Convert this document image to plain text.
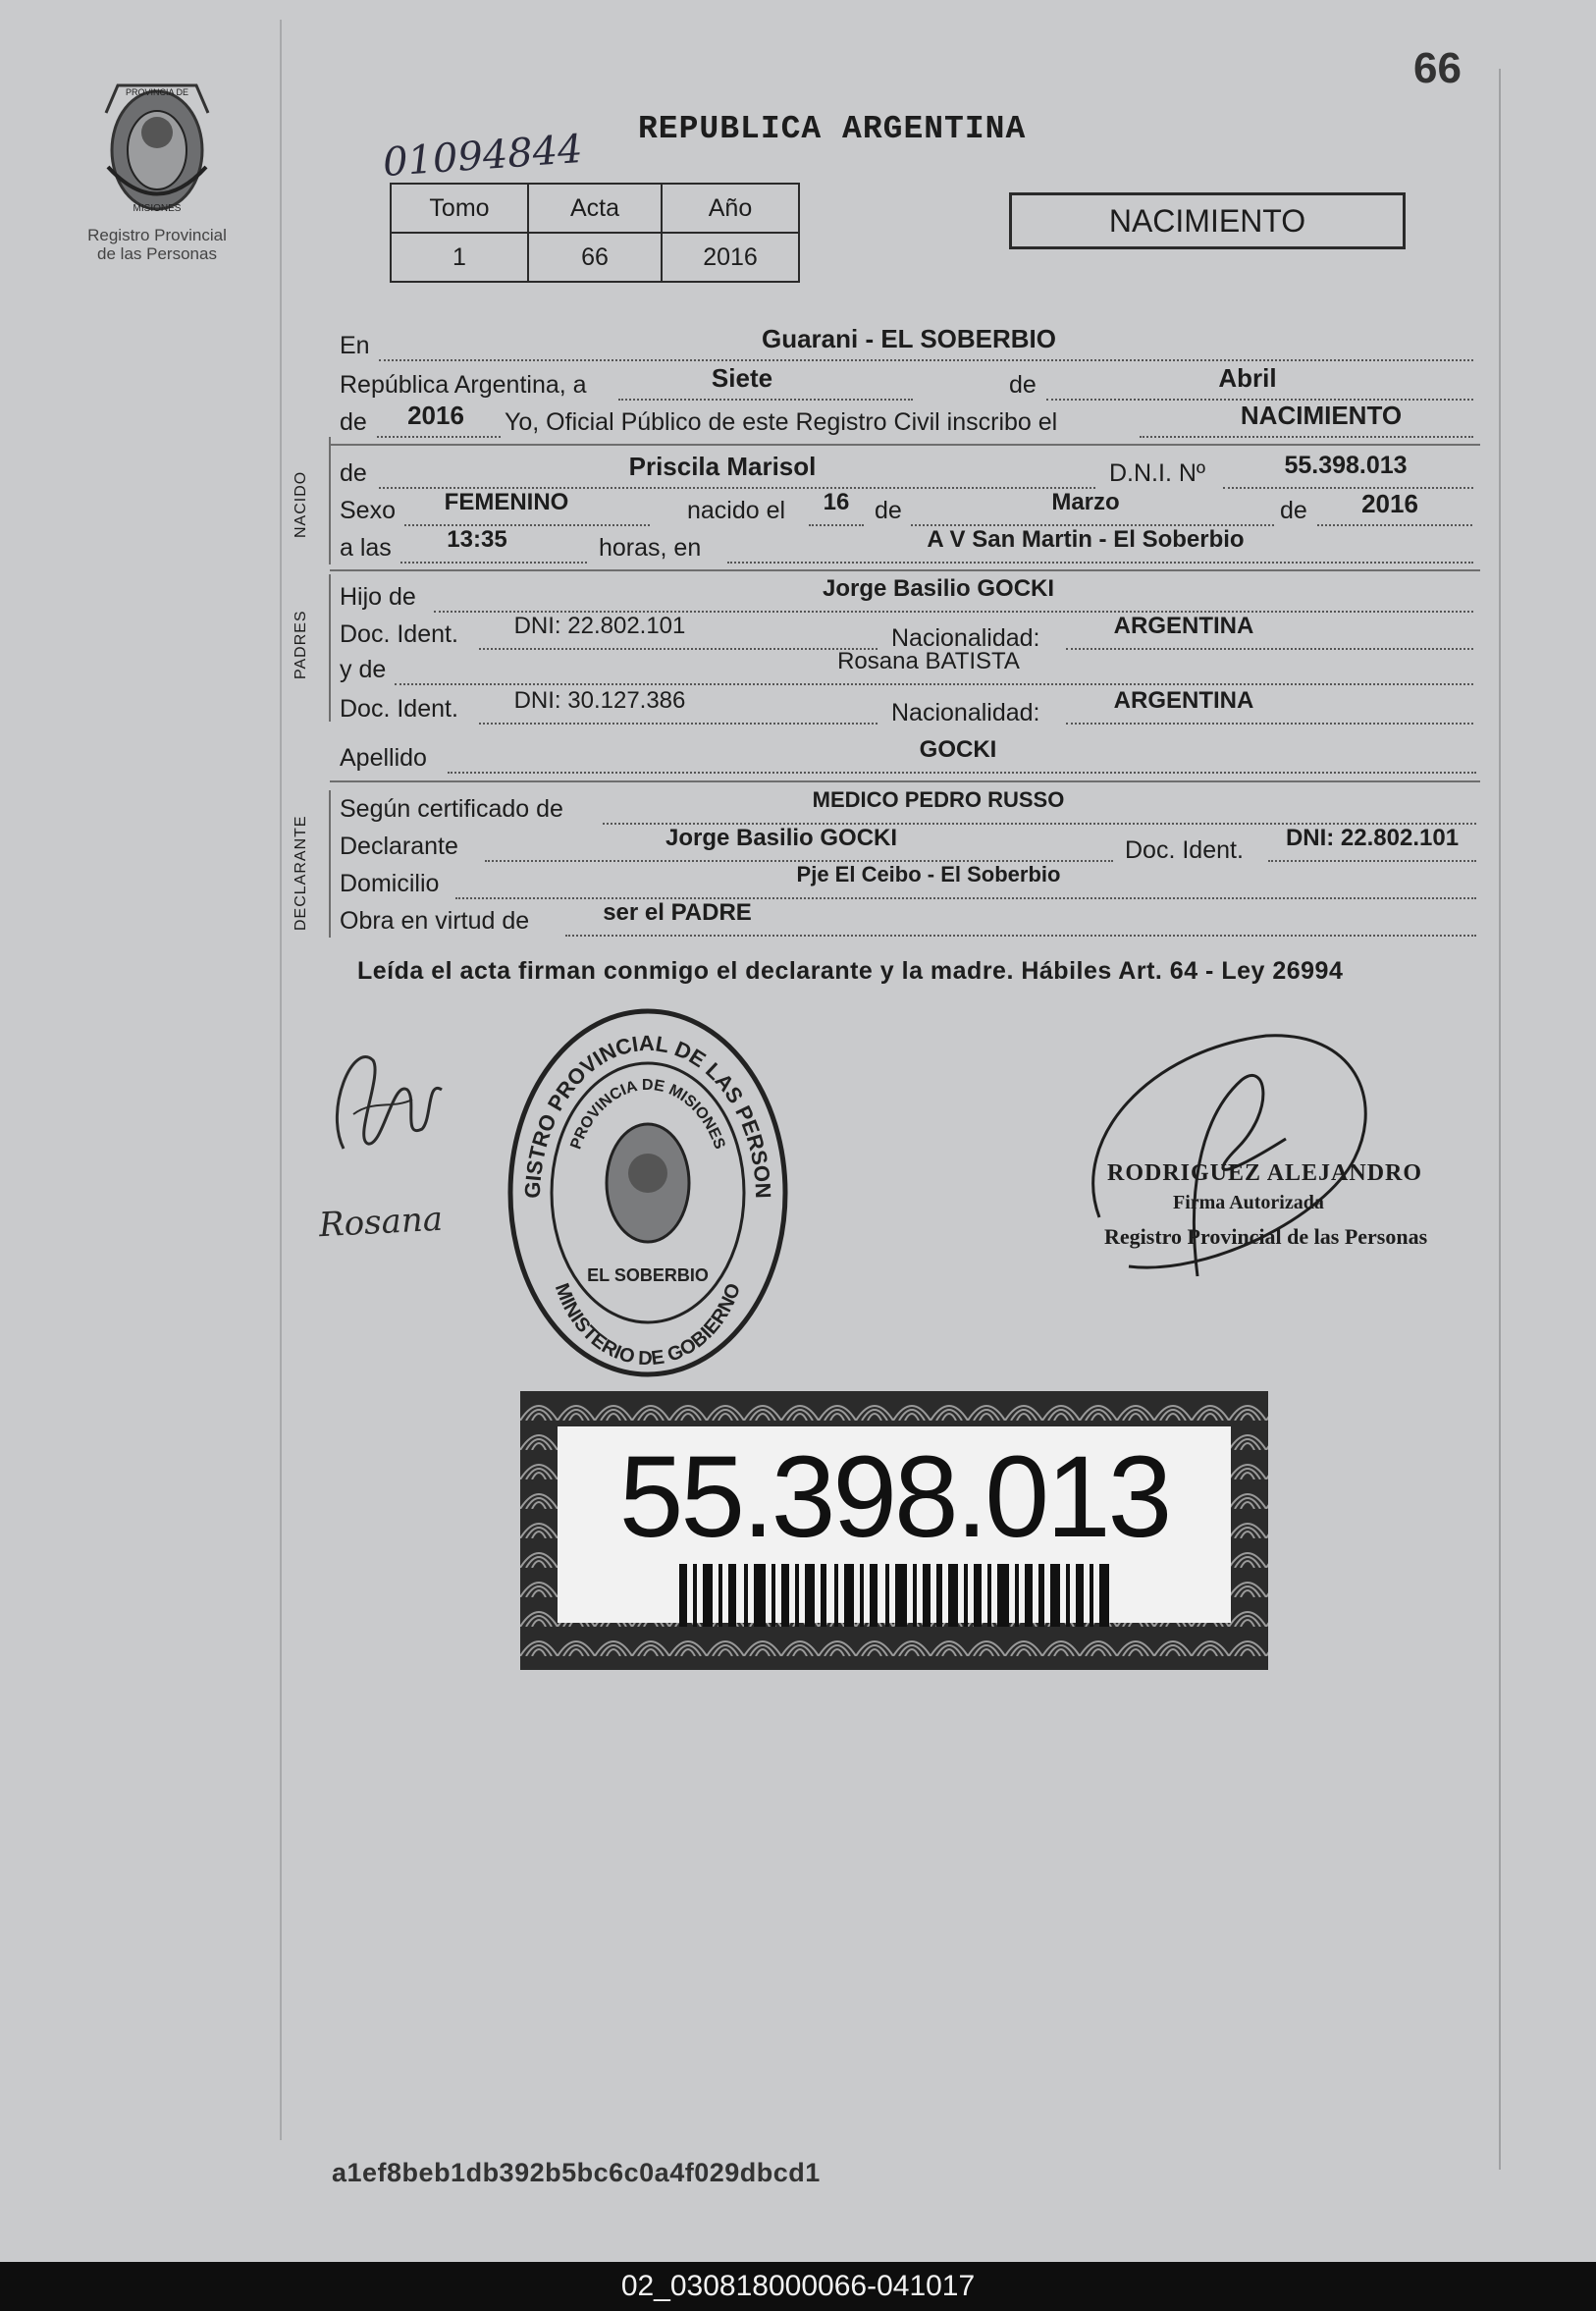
66
PROVINCIA DE
MISIONES
Registro Provincial
de las Personas
REPUBLICA ARGENTINA
01094844
Tomo	Acta	Año
1	66	2016
NACIMIENTO
NACIDO
PADRES
DECLARANTE
En	Guarani - EL SOBERBIO
República Argentina, a	Siete	de	Abril
de	2016	Yo, Oficial Público de este Registro Civil inscribo el	NACIMIENTO
de	Priscila Marisol	D.N.I. Nº	55.398.013
Sexo	FEMENINO	nacido el	16	de	Marzo	de	2016
a las	13:35	horas, en	A V San Martin - El Soberbio
Hijo de	Jorge Basilio GOCKI
Doc. Ident.	DNI: 22.802.101	Nacionalidad:	ARGENTINA
y de	Rosana BATISTA
Doc. Ident.	DNI: 30.127.386	Nacionalidad:	ARGENTINA
Apellido	GOCKI
Según certificado de	MEDICO PEDRO RUSSO
Declarante	Jorge Basilio GOCKI	Doc. Ident.	DNI: 22.802.101
Domicilio	Pje El Ceibo - El Soberbio
Obra en virtud de	ser el PADRE
Leída el acta firman conmigo el declarante y la madre. Hábiles Art. 64 - Ley 26994
Rosana
GISTRO PROVINCIAL DE LAS PERSON
PROVINCIA DE MISIONES
MINISTERIO DE GOBIERNO
EL SOBERBIO
RODRIGUEZ ALEJANDRO
Firma Autorizada
Registro Provincial de las Personas
55.398.013
a1ef8beb1db392b5bc6c0a4f029dbcd1
02_030818000066-041017
